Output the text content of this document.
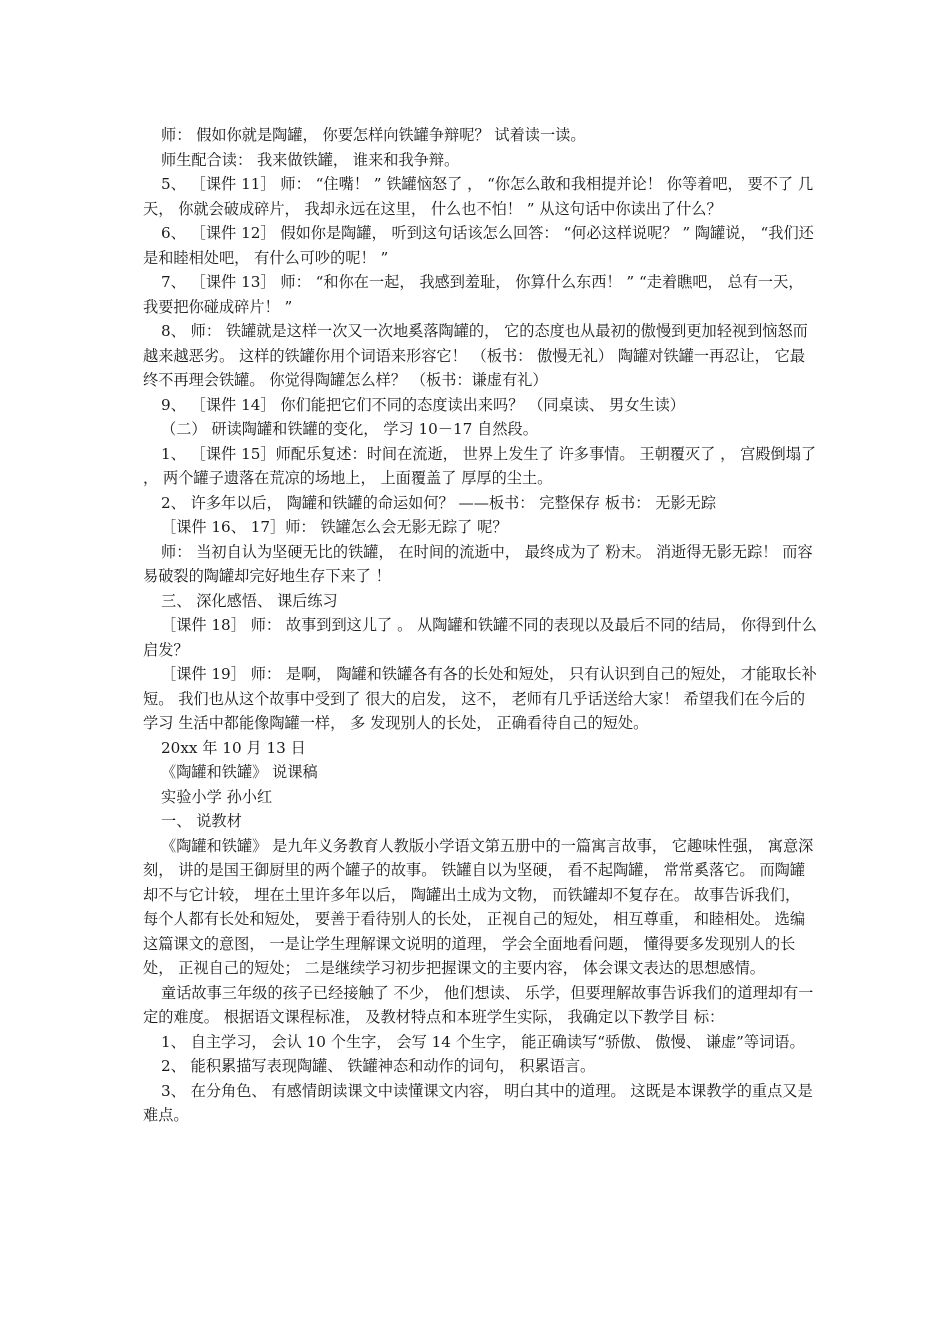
师： 假如你就是陶罐， 你要怎样向铁罐争辩呢？ 试着读一读。

师生配合读： 我来做铁罐， 谁来和我争辩。

5、 ［课件 11］ 师： “住嘴！ ” 铁罐恼怒了 ， “你怎么敢和我相提并论！ 你等着吧， 要不了 几天， 你就会破成碎片， 我却永远在这里， 什么也不怕！ ” 从这句话中你读出了什么？

6、 ［课件 12］ 假如你是陶罐， 听到这句话该怎么回答： “何必这样说呢？ ” 陶罐说， “我们还是和睦相处吧， 有什么可吵的呢！ ”

7、 ［课件 13］ 师： “和你在一起， 我感到羞耻， 你算什么东西！ ” “走着瞧吧， 总有一天， 我要把你碰成碎片！ ”

8、 师： 铁罐就是这样一次又一次地奚落陶罐的， 它的态度也从最初的傲慢到更加轻视到恼怒而越来越恶劣。 这样的铁罐你用个词语来形容它！ （板书： 傲慢无礼） 陶罐对铁罐一再忍让， 它最终不再理会铁罐。 你觉得陶罐怎么样？ （板书：谦虚有礼）

9、 ［课件 14］ 你们能把它们不同的态度读出来吗？ （同桌读、 男女生读）

（二） 研读陶罐和铁罐的变化， 学习 10－17 自然段。

1、 ［课件 15］师配乐复述：时间在流逝， 世界上发生了 许多事情。 王朝覆灭了 ， 宫殿倒塌了 ， 两个罐子遗落在荒凉的场地上， 上面覆盖了 厚厚的尘土。

2、 许多年以后， 陶罐和铁罐的命运如何？ ——板书： 完整保存 板书： 无影无踪

［课件 16、 17］师： 铁罐怎么会无影无踪了 呢？

师： 当初自认为坚硬无比的铁罐， 在时间的流逝中， 最终成为了 粉末。 消逝得无影无踪！ 而容易破裂的陶罐却完好地生存下来了 ！

三、 深化感悟、 课后练习

［课件 18］ 师： 故事到到这儿了 。 从陶罐和铁罐不同的表现以及最后不同的结局， 你得到什么启发？

［课件 19］ 师： 是啊， 陶罐和铁罐各有各的长处和短处， 只有认识到自己的短处， 才能取长补短。 我们也从这个故事中受到了 很大的启发， 这不， 老师有几乎话送给大家！ 希望我们在今后的学习 生活中都能像陶罐一样， 多 发现别人的长处， 正确看待自己的短处。

20xx 年 10 月 13 日

《陶罐和铁罐》 说课稿

实验小学 孙小红

一、 说教材

《陶罐和铁罐》 是九年义务教育人教版小学语文第五册中的一篇寓言故事， 它趣味性强， 寓意深刻， 讲的是国王御厨里的两个罐子的故事。 铁罐自以为坚硬， 看不起陶罐， 常常奚落它。 而陶罐却不与它计较， 埋在土里许多年以后， 陶罐出土成为文物， 而铁罐却不复存在。 故事告诉我们， 每个人都有长处和短处， 要善于看待别人的长处， 正视自己的短处， 相互尊重， 和睦相处。 选编这篇课文的意图， 一是让学生理解课文说明的道理， 学会全面地看问题， 懂得要多发现别人的长处， 正视自己的短处； 二是继续学习初步把握课文的主要内容， 体会课文表达的思想感情。

童话故事三年级的孩子已经接触了 不少， 他们想读、 乐学，但要理解故事告诉我们的道理却有一定的难度。 根据语文课程标准， 及教材特点和本班学生实际， 我确定以下教学目 标：

1、 自主学习， 会认 10 个生字， 会写 14 个生字， 能正确读写“骄傲、 傲慢、 谦虚”等词语。

2、 能积累描写表现陶罐、 铁罐神态和动作的词句， 积累语言。

3、 在分角色、 有感情朗读课文中读懂课文内容， 明白其中的道理。 这既是本课教学的重点又是难点。
